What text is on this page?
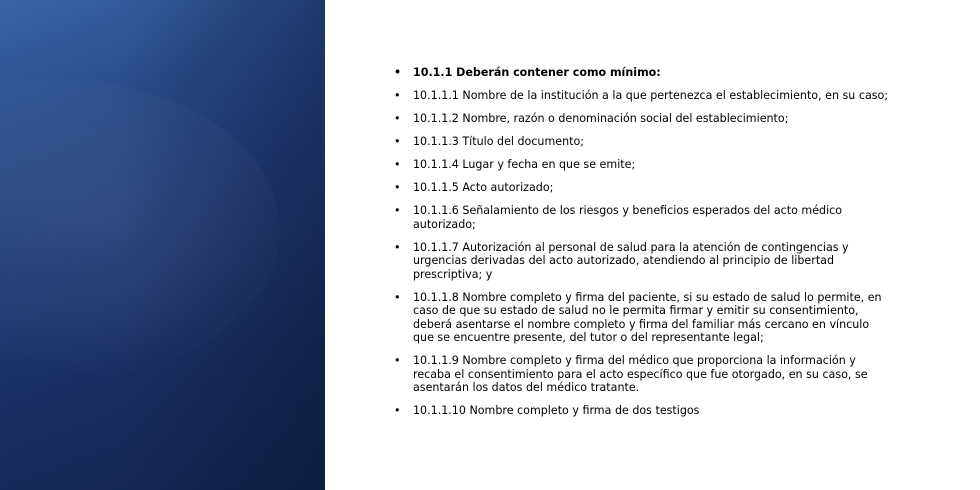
10.1 Cartas de
consentimiento
informado.
• 10.1.1 Deberán contener como mínimo:
• 10.1.1.1 Nombre de la institución a la que pertenezca el establecimiento, en su caso;
• 10.1.1.2 Nombre, razón o denominación social del establecimiento;
• 10.1.1.3 Título del documento;
• 10.1.1.4 Lugar y fecha en que se emite;
• 10.1.1.5 Acto autorizado;
• 10.1.1.6 Señalamiento de los riesgos y beneficios esperados del acto médico
autorizado;
• 10.1.1.7 Autorización al personal de salud para la atención de contingencias y
urgencias derivadas del acto autorizado, atendiendo al principio de libertad
prescriptiva; y
• 10.1.1.8 Nombre completo y firma del paciente, si su estado de salud lo permite, en
caso de que su estado de salud no le permita firmar y emitir su consentimiento,
deberá asentarse el nombre completo y firma del familiar más cercano en vínculo
que se encuentre presente, del tutor o del representante legal;
• 10.1.1.9 Nombre completo y firma del médico que proporciona la información y
recaba el consentimiento para el acto específico que fue otorgado, en su caso, se
asentarán los datos del médico tratante.
• 10.1.1.10 Nombre completo y firma de dos testigos
